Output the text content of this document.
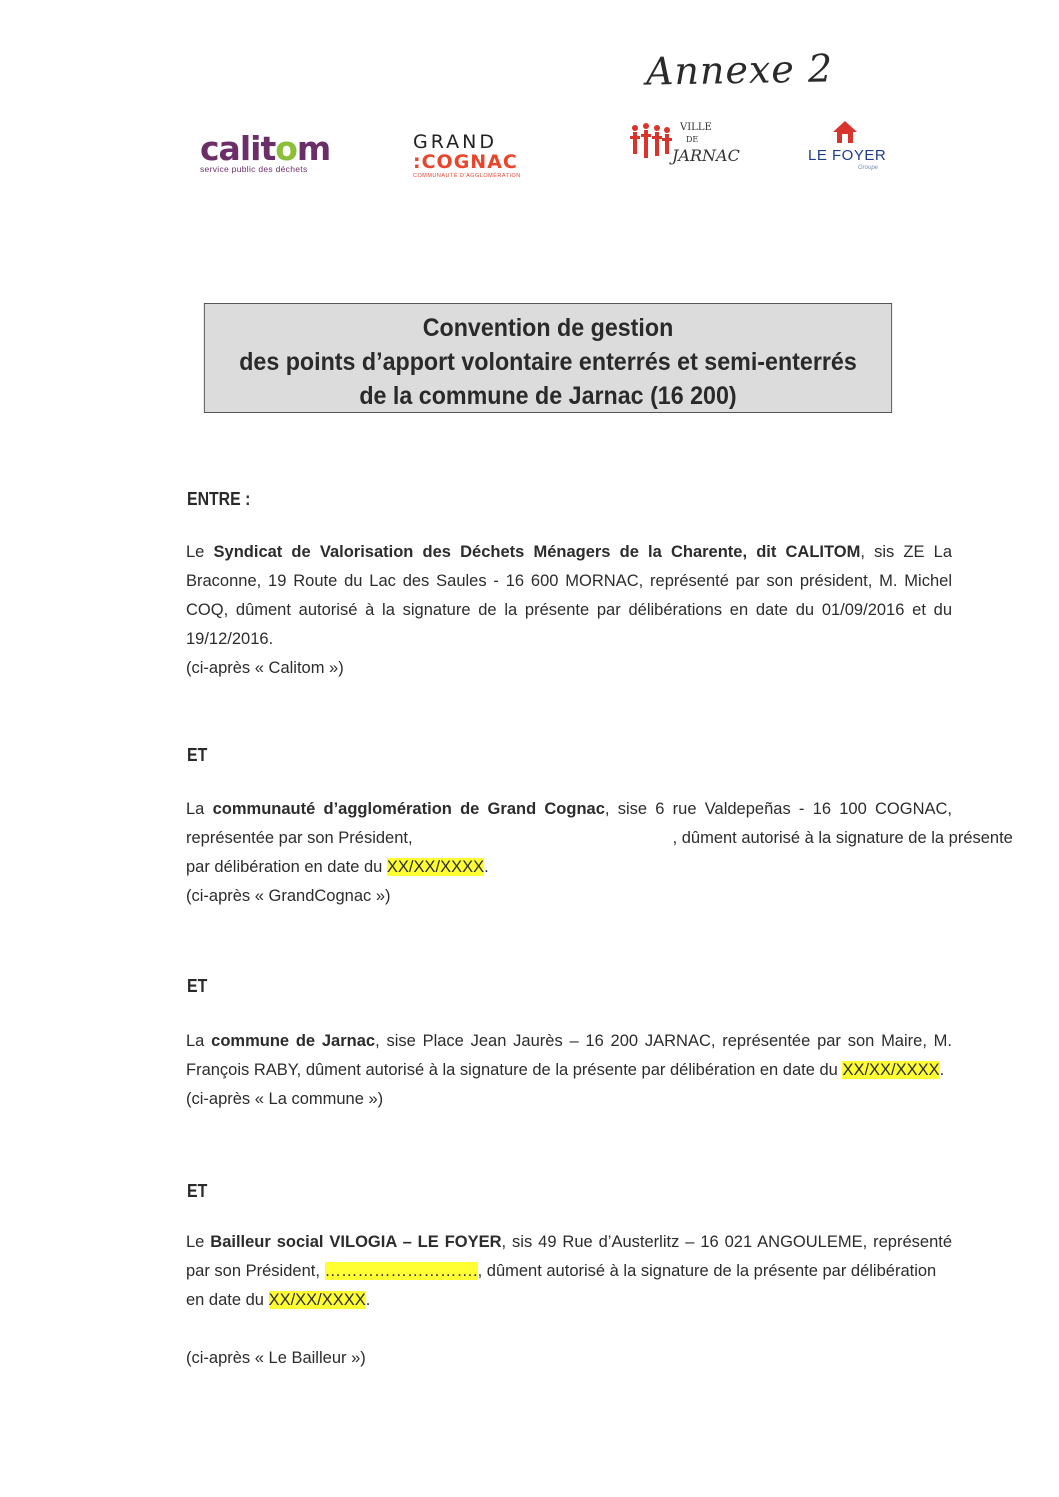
Annexe 2
calitom
service public des déchets
GRAND
:COGNAC
COMMUNAUTÉ D'AGGLOMÉRATION
VILLE
DE
JARNAC	LE FOYER
Groupe
Convention de gestion
des points d’apport volontaire enterrés et semi-enterrés
de la commune de Jarnac (16 200)
ENTRE :
Le Syndicat de Valorisation des Déchets Ménagers de la Charente, dit CALITOM, sis ZE La
Braconne, 19 Route du Lac des Saules - 16 600 MORNAC, représenté par son président, M. Michel
COQ, dûment autorisé à la signature de la présente par délibérations en date du 01/09/2016 et du
19/12/2016.
(ci-après « Calitom »)
ET
La communauté d’agglomération de Grand Cognac, sise 6 rue Valdepeñas - 16 100 COGNAC,
représentée par son Président,	, dûment autorisé à la signature de la présente
par délibération en date du XX/XX/XXXX.
(ci-après « GrandCognac »)
ET
La commune de Jarnac, sise Place Jean Jaurès – 16 200 JARNAC, représentée par son Maire, M.
François RABY, dûment autorisé à la signature de la présente par délibération en date du XX/XX/XXXX.
(ci-après « La commune »)
ET
Le Bailleur social VILOGIA – LE FOYER, sis 49 Rue d’Austerlitz – 16 021 ANGOULEME, représenté
par son Président, ………………………., dûment autorisé à la signature de la présente par délibération
en date du XX/XX/XXXX.
(ci-après « Le Bailleur »)
